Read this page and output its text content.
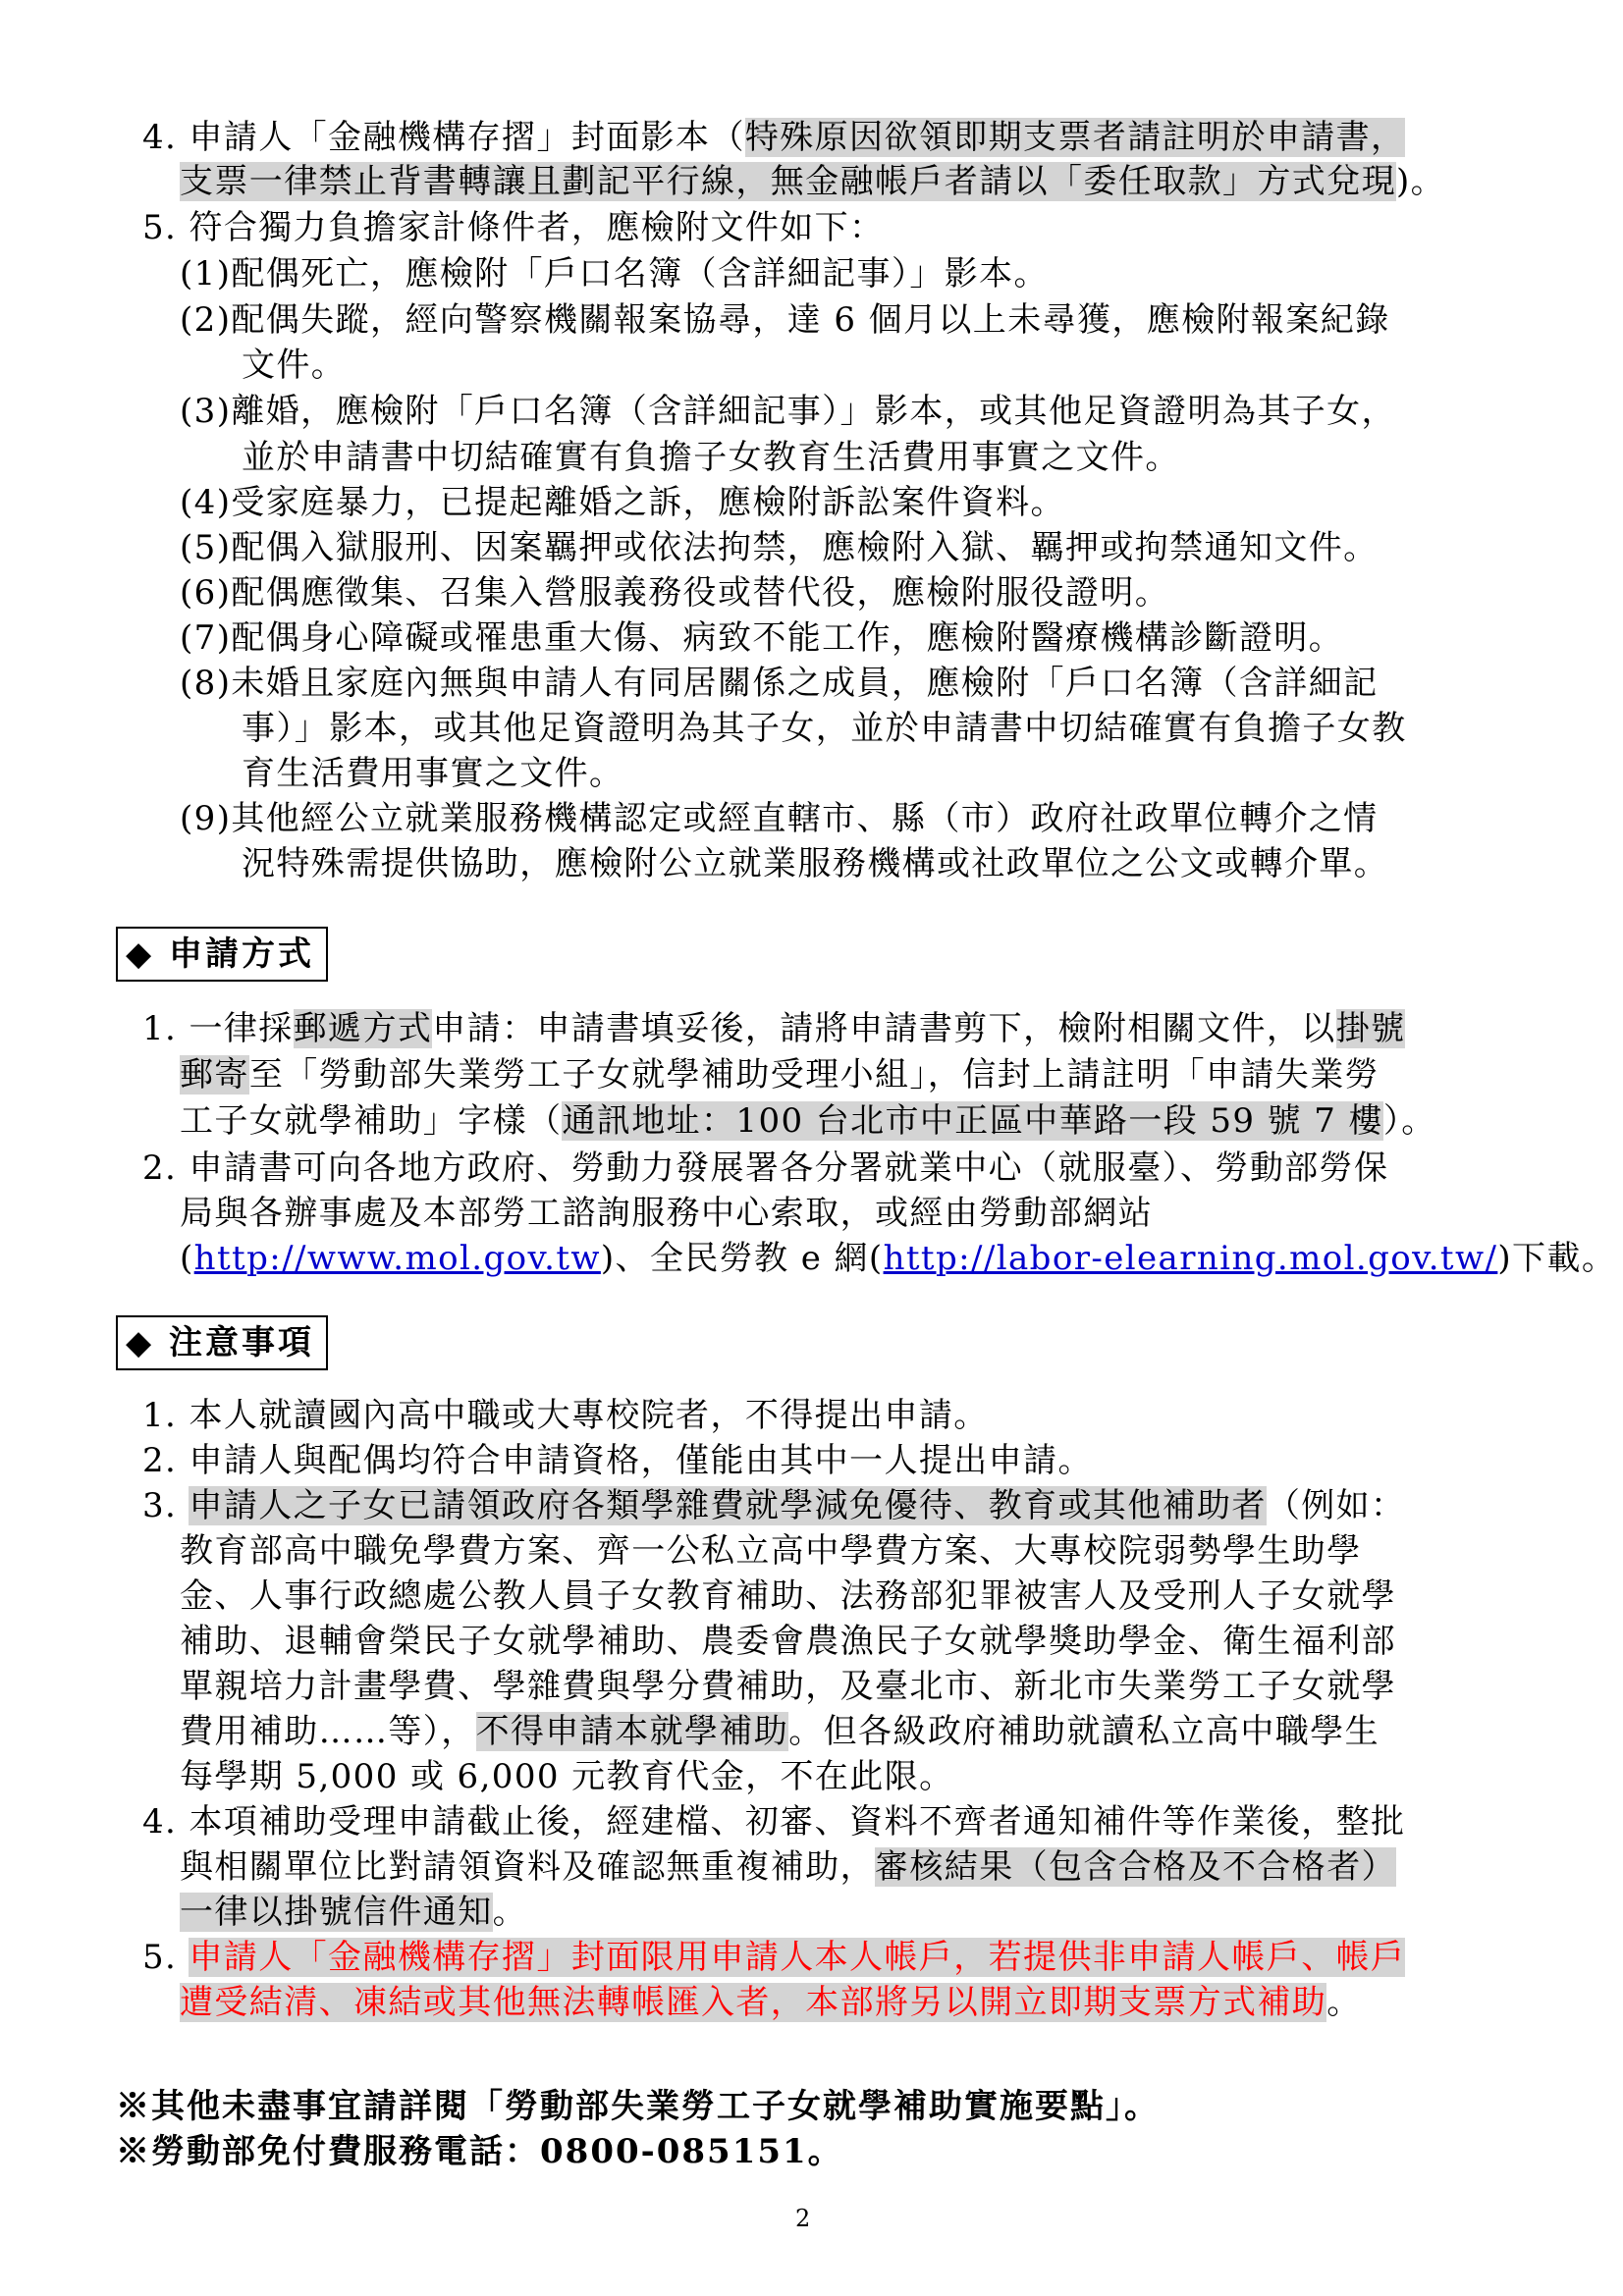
4. 申請人「金融機構存摺」封面影本（特殊原因欲領即期支票者請註明於申請書，
支票一律禁止背書轉讓且劃記平行線，無金融帳戶者請以「委任取款」方式兌現)。
5. 符合獨力負擔家計條件者，應檢附文件如下：
(1)配偶死亡，應檢附「戶口名簿（含詳細記事）」影本。
(2)配偶失蹤，經向警察機關報案協尋，達 6 個月以上未尋獲，應檢附報案紀錄
文件。
(3)離婚，應檢附「戶口名簿（含詳細記事）」影本，或其他足資證明為其子女，
並於申請書中切結確實有負擔子女教育生活費用事實之文件。
(4)受家庭暴力，已提起離婚之訴，應檢附訴訟案件資料。
(5)配偶入獄服刑、因案羈押或依法拘禁，應檢附入獄、羈押或拘禁通知文件。
(6)配偶應徵集、召集入營服義務役或替代役，應檢附服役證明。
(7)配偶身心障礙或罹患重大傷、病致不能工作，應檢附醫療機構診斷證明。
(8)未婚且家庭內無與申請人有同居關係之成員，應檢附「戶口名簿（含詳細記
事）」影本，或其他足資證明為其子女，並於申請書中切結確實有負擔子女教
育生活費用事實之文件。
(9)其他經公立就業服務機構認定或經直轄市、縣（市）政府社政單位轉介之情
況特殊需提供協助，應檢附公立就業服務機構或社政單位之公文或轉介單。
◆ 申請方式
1. 一律採郵遞方式申請：申請書填妥後，請將申請書剪下，檢附相關文件，以掛號
郵寄至「勞動部失業勞工子女就學補助受理小組」，信封上請註明「申請失業勞
工子女就學補助」字樣（通訊地址：100 台北市中正區中華路一段 59 號 7 樓）。
2. 申請書可向各地方政府、勞動力發展署各分署就業中心（就服臺）、勞動部勞保
局與各辦事處及本部勞工諮詢服務中心索取，或經由勞動部網站
(http://www.mol.gov.tw)、全民勞教 e 網(http://labor-elearning.mol.gov.tw/)下載。
◆ 注意事項
1. 本人就讀國內高中職或大專校院者，不得提出申請。
2. 申請人與配偶均符合申請資格，僅能由其中一人提出申請。
3. 申請人之子女已請領政府各類學雜費就學減免優待、教育或其他補助者（例如：
教育部高中職免學費方案、齊一公私立高中學費方案、大專校院弱勢學生助學
金、人事行政總處公教人員子女教育補助、法務部犯罪被害人及受刑人子女就學
補助、退輔會榮民子女就學補助、農委會農漁民子女就學獎助學金、衛生福利部
單親培力計畫學費、學雜費與學分費補助，及臺北市、新北市失業勞工子女就學
費用補助……等），不得申請本就學補助。但各級政府補助就讀私立高中職學生
每學期 5,000 或 6,000 元教育代金，不在此限。
4. 本項補助受理申請截止後，經建檔、初審、資料不齊者通知補件等作業後，整批
與相關單位比對請領資料及確認無重複補助，審核結果（包含合格及不合格者）
一律以掛號信件通知。
5. 申請人「金融機構存摺」封面限用申請人本人帳戶，若提供非申請人帳戶、帳戶
遭受結清、凍結或其他無法轉帳匯入者，本部將另以開立即期支票方式補助。
※其他未盡事宜請詳閱「勞動部失業勞工子女就學補助實施要點」。
※勞動部免付費服務電話：0800-085151。
2
